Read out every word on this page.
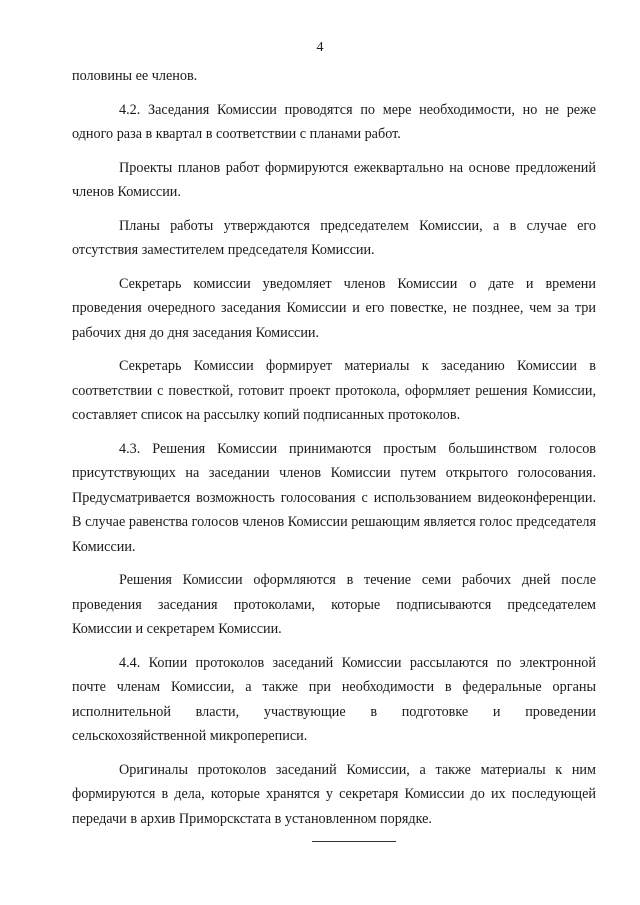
4

половины ее членов.

4.2. Заседания Комиссии проводятся по мере необходимости, но не реже одного раза в квартал в соответствии с планами работ.

Проекты планов работ формируются ежеквартально на основе предложений членов Комиссии.

Планы работы утверждаются председателем Комиссии, а в случае его отсутствия заместителем председателя Комиссии.

Секретарь комиссии уведомляет членов Комиссии о дате и времени проведения очередного заседания Комиссии и его повестке, не позднее, чем за три рабочих дня до дня заседания Комиссии.

Секретарь Комиссии формирует материалы к заседанию Комиссии в соответствии с повесткой, готовит проект протокола, оформляет решения Комиссии, составляет список на рассылку копий подписанных протоколов.

4.3. Решения Комиссии принимаются простым большинством голосов присутствующих на заседании членов Комиссии путем открытого голосования. Предусматривается возможность голосования с использованием видеоконференции. В случае равенства голосов членов Комиссии решающим является голос председателя Комиссии.

Решения Комиссии оформляются в течение семи рабочих дней после проведения заседания протоколами, которые подписываются председателем Комиссии и секретарем Комиссии.

4.4. Копии протоколов заседаний Комиссии рассылаются по электронной почте членам Комиссии, а также при необходимости в федеральные органы исполнительной власти, участвующие в подготовке и проведении сельскохозяйственной микропереписи.

Оригиналы протоколов заседаний Комиссии, а также материалы к ним формируются в дела, которые хранятся у секретаря Комиссии до их последующей передачи в архив Приморскстата в установленном порядке.
